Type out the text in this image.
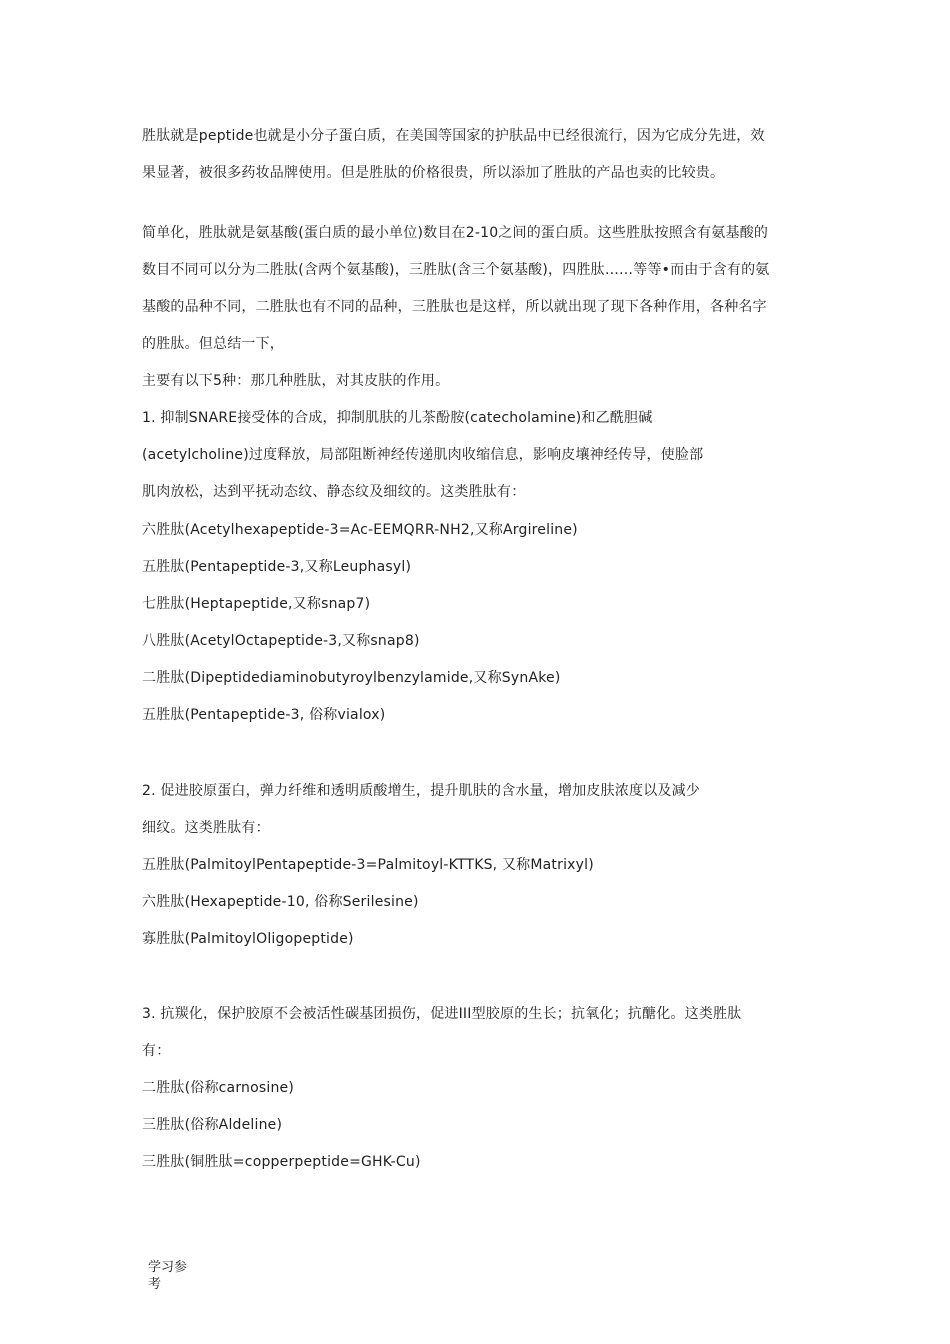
胜肽就是peptide也就是小分子蛋白质，在美国等国家的护肤品中已经很流行，因为它成分先进，效
果显著，被很多药妆品牌使用。但是胜肽的价格很贵，所以添加了胜肽的产品也卖的比较贵。
简单化，胜肽就是氨基酸(蛋白质的最小单位)数目在2-10之间的蛋白质。这些胜肽按照含有氨基酸的
数目不同可以分为二胜肽(含两个氨基酸)，三胜肽(含三个氨基酸)，四胜肽……等等•而由于含有的氨
基酸的品种不同，二胜肽也有不同的品种，三胜肽也是这样，所以就出现了现下各种作用，各种名字
的胜肽。但总结一下，
主要有以下5种：那几种胜肽，对其皮肤的作用。
1. 抑制SNARE接受体的合成，抑制肌肤的儿茶酚胺(catecholamine)和乙酰胆碱
(acetylcholine)过度释放，局部阻断神经传递肌肉收缩信息，影响皮壤神经传导，使脸部
肌肉放松，达到平抚动态纹、静态纹及细纹的。这类胜肽有：
六胜肽(Acetylhexapeptide-3=Ac-EEMQRR-NH2,又称Argireline)
五胜肽(Pentapeptide-3,又称Leuphasyl)
七胜肽(Heptapeptide,又称snap7)
八胜肽(AcetylOctapeptide-3,又称snap8)
二胜肽(Dipeptidediaminobutyroylbenzylamide,又称SynAke)
五胜肽(Pentapeptide-3, 俗称vialox)
2. 促进胶原蛋白，弹力纤维和透明质酸增生，提升肌肤的含水量，增加皮肤浓度以及减少
细纹。这类胜肽有：
五胜肽(PalmitoylPentapeptide-3=Palmitoyl-KTTKS, 又称Matrixyl)
六胜肽(Hexapeptide-10, 俗称Serilesine)
寡胜肽(PalmitoylOligopeptide)
3. 抗羰化，保护胶原不会被活性碳基团损伤，促进III型胶原的生长；抗氧化；抗醣化。这类胜肽
有：
二胜肽(俗称carnosine)
三胜肽(俗称Aldeline)
三胜肽(铜胜肽=copperpeptide=GHK-Cu)
学习参
考
